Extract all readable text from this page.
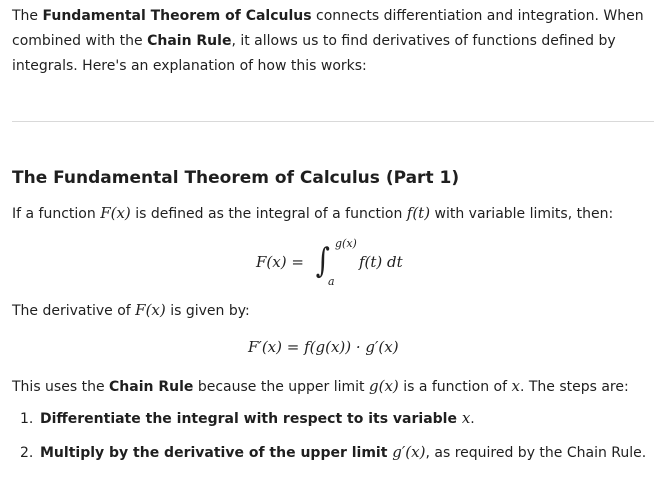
The Fundamental Theorem of Calculus connects differentiation and integration. When combined with the Chain Rule, it allows us to find derivatives of functions defined by integrals. Here's an explanation of how this works:

The Fundamental Theorem of Calculus (Part 1)
If a function F(x) is defined as the integral of a function f(t) with variable limits, then:
F(x) = ∫ g(x)
a
f(t) dt
The derivative of F(x) is given by:
F′(x) = f(g(x)) · g′(x)
This uses the Chain Rule because the upper limit g(x) is a function of x. The steps are:
1. Differentiate the integral with respect to its variable x.
2. Multiply by the derivative of the upper limit g′(x), as required by the Chain Rule.
